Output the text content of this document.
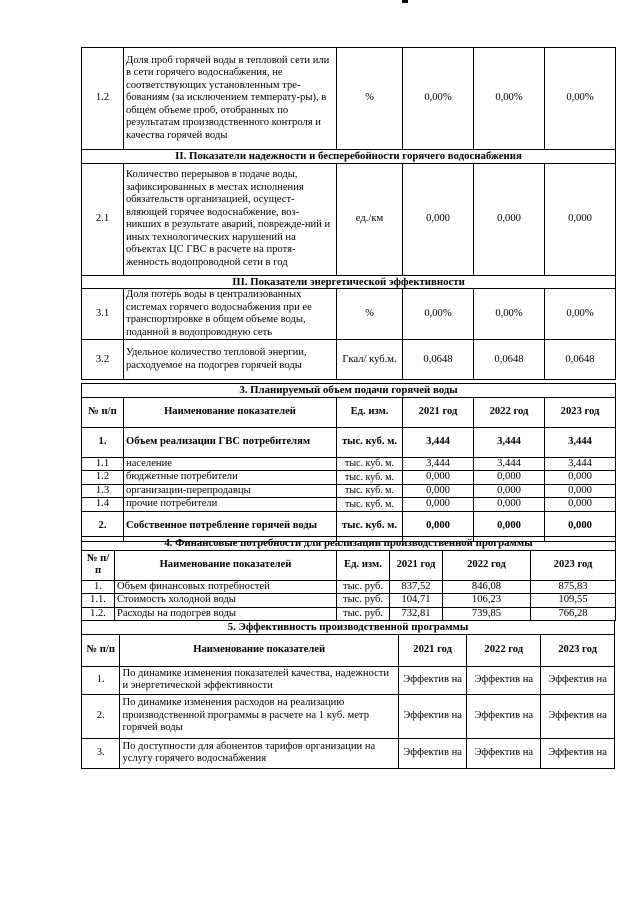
1.2	Доля проб горячей воды в тепловой сети или в сети горячего водоснабжения, не соответствующих установленным тре-бованиям (за исключением температу-ры), в общем объеме проб, отобранных по результатам производственного контроля и качества горячей воды	%	0,00%	0,00%	0,00%
II. Показатели надежности и бесперебойности горячего водоснабжения					
2.1	Количество перерывов в подаче воды, зафиксированных в местах исполнения обязательств организацией, осущест-вляющей горячее водоснабжение, воз-никших в результате аварий, поврежде-ний и иных технологических нарушений на объектах ЦС ГВС в расчете на протя-женность водопроводной сети в год	ед./км	0,000	0,000	0,000
III. Показатели энергетической эффективности					
3.1	Доля потерь воды в централизованных системах горячего водоснабжения при ее транспортировке в общем объеме воды, поданной в водопроводную сеть	%	0,00%	0,00%	0,00%
3.2	Удельное количество тепловой энергии, расходуемое на подогрев горячей воды	Гкал/ куб.м.	0,0648	0,0648	0,0648
3. Планируемый объем подачи горячей воды					
№ п/п	Наименование показателей	Ед. изм.	2021 год	2022 год	2023 год
1.	Объем реализации ГВС потребителям	тыс. куб. м.	3,444	3,444	3,444
1.1	население	тыс. куб. м.	3,444	3,444	3,444
1.2	бюджетные потребители	тыс. куб. м.	0,000	0,000	0,000
1.3	организации-перепродавцы	тыс. куб. м.	0,000	0,000	0,000
1.4	прочие потребители	тыс. куб. м.	0,000	0,000	0,000
2.	Собственное потребление горячей воды	тыс. куб. м.	0,000	0,000	0,000
4. Финансовые потребности для реализации производственной программы					
№ п/п	Наименование показателей	Ед. изм.	2021 год	2022 год	2023 год
1.	Объем финансовых потребностей	тыс. руб.	837,52	846,08	875,83
1.1.	Стоимость холодной воды	тыс. руб.	104,71	106,23	109,55
1.2.	Расходы на подогрев воды	тыс. руб.	732,81	739,85	766,28
5. Эффективность производственной программы				
№ п/п	Наименование показателей	2021 год	2022 год	2023 год
1.	По динамике изменения показателей качества, надежности и энергетической эффективности	Эффектив на	Эффектив на	Эффектив на
2.	По динамике изменения расходов на реализацию производственной программы в расчете на 1 куб. метр горячей воды	Эффектив на	Эффектив на	Эффектив на
3.	По доступности для абонентов тарифов организации на услугу горячего водоснабжения	Эффектив на	Эффектив на	Эффектив на
